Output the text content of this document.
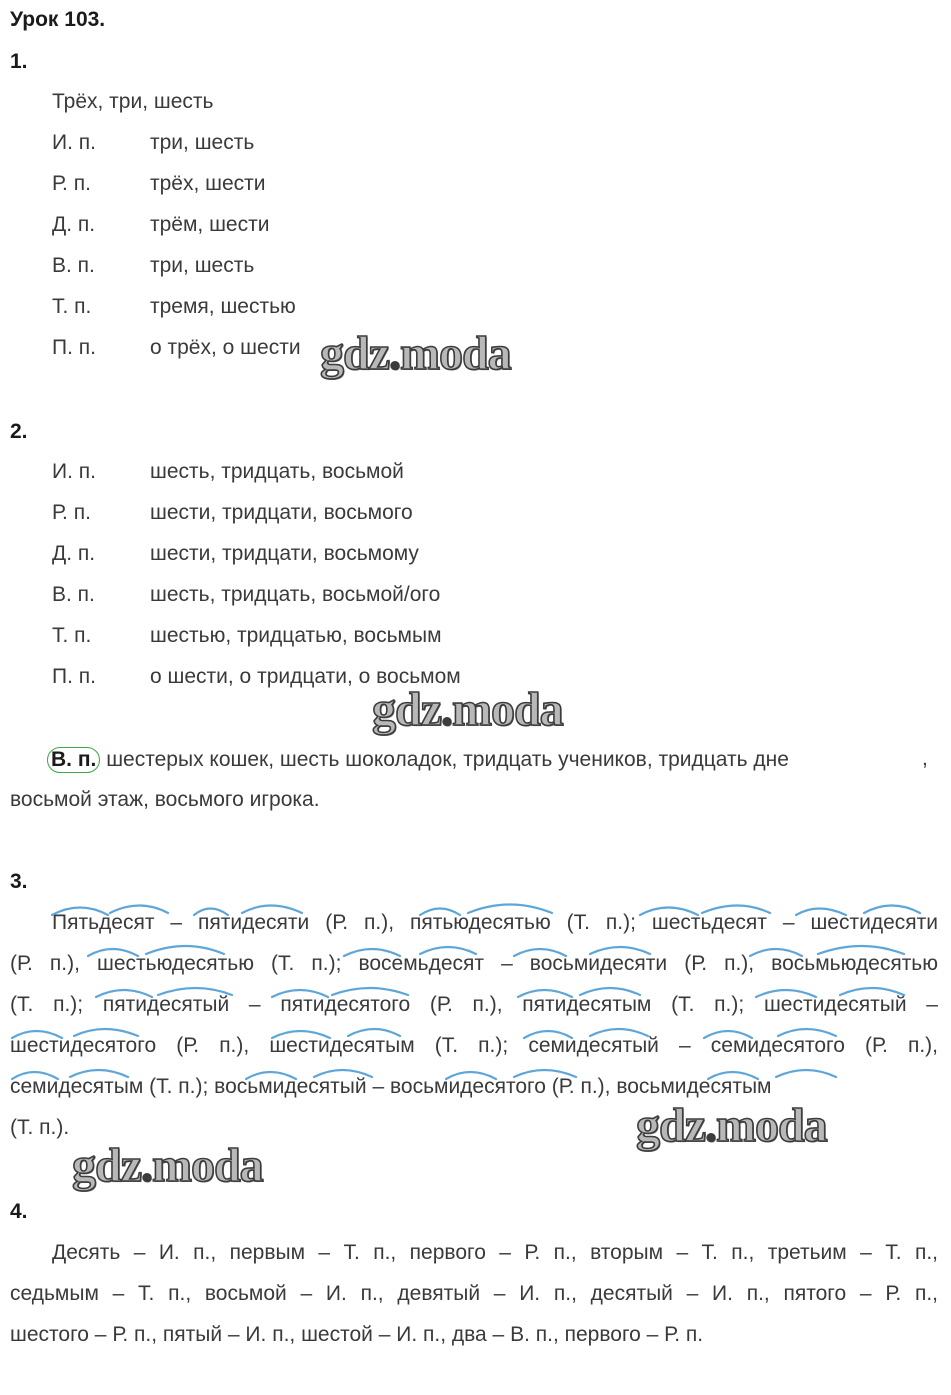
Урок 103.
1.
Трёх, три, шесть
И. п.	три, шесть
Р. п.	трёх, шести
Д. п.	трём, шести
В. п.	три, шесть
Т. п.	тремя, шестью
П. п.	о трёх, о шести
2.
И. п.	шесть, тридцать, восьмой
Р. п.	шести, тридцати, восьмого
Д. п.	шести, тридцати, восьмому
В. п.	шесть, тридцать, восьмой/ого
Т. п.	шестью, тридцатью, восьмым
П. п.	о шести, о тридцати, о восьмом
В. п. шестерых кошек, шесть шоколадок, тридцать учеников, тридцать дне	,
восьмой этаж, восьмого игрока.
3.
Пятьдесят – пятидесяти (Р. п.), пятьюдесятью (Т. п.); шестьдесят – шестидесяти
(Р. п.), шестьюдесятью (Т. п.); восемьдесят – восьмидесяти (Р. п.), восьмьюдесятью
(Т. п.); пятидесятый – пятидесятого (Р. п.), пятидесятым (Т. п.); шестидесятый –
шестидесятого (Р. п.), шестидесятым (Т. п.); семидесятый – семидесятого (Р. п.),
семидесятым (Т. п.); восьмидесятый – восьмидесятого (Р. п.), восьмидесятым
(Т. п.).
4.
Десять – И. п., первым – Т. п., первого – Р. п., вторым – Т. п., третьим – Т. п.,
седьмым – Т. п., восьмой – И. п., девятый – И. п., десятый – И. п., пятого – Р. п.,
шестого – Р. п., пятый – И. п., шестой – И. п., два – В. п., первого – Р. п.
gdz.moda
gdz.moda
gdz.moda
gdz.moda
